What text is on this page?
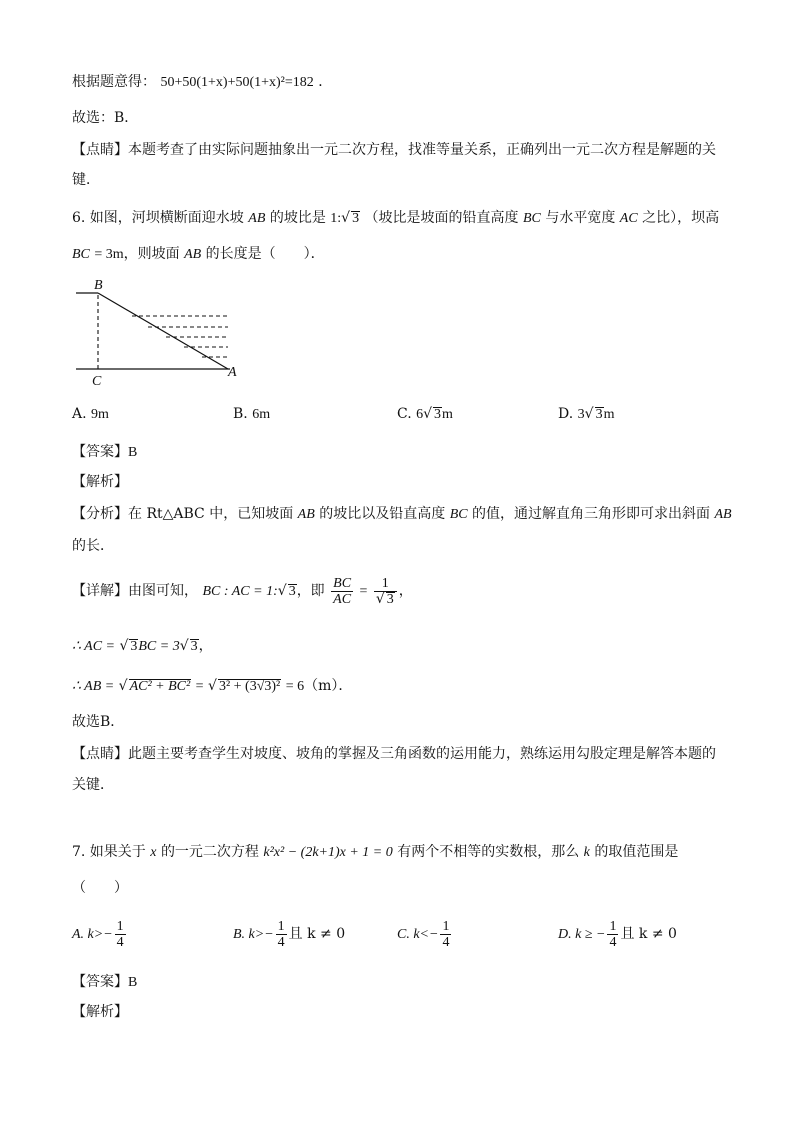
根据题意得： 50+50(1+x)+50(1+x)²=182 ．
故选：B．
【点睛】本题考查了由实际问题抽象出一元二次方程，找准等量关系，正确列出一元二次方程是解题的关
键．
6. 如图，河坝横断面迎水坡 AB 的坡比是 1:√ 3 （坡比是坡面的铅直高度 BC 与水平宽度 AC 之比），坝高
BC = 3m，则坡面 AB 的长度是（　　）．
B
C
A
A. 9m	B. 6m	C. 6√ 3m	D. 3√ 3m
【答案】B
【解析】
【分析】在 Rt△ABC 中，已知坡面 AB 的坡比以及铅直高度 BC 的值，通过解直角三角形即可求出斜面 AB
的长．
【详解】由图可知， BC : AC = 1:√ 3，即 $\frac{BC}{AC} = \frac{1}{√ 3}$ ，
∴ AC = √ 3BC = 3√ 3，
∴ AB = √ AC² + BC² = √ 3² + (3√3)² = 6（m）．
故选B．
【点睛】此题主要考查学生对坡度、坡角的掌握及三角函数的运用能力，熟练运用勾股定理是解答本题的
关键．
7. 如果关于 x 的一元二次方程 k²x² − (2k+1)x + 1 = 0 有两个不相等的实数根，那么 k 的取值范围是
（　　）
A. $k>- \frac{1}{4}$	B. $k>- \frac{1}{4}$ 且 k ≠ 0	C. $k<- \frac{1}{4}$	D. k ≥ − $\frac{1}{4}$ 且 k ≠ 0
【答案】B
【解析】
